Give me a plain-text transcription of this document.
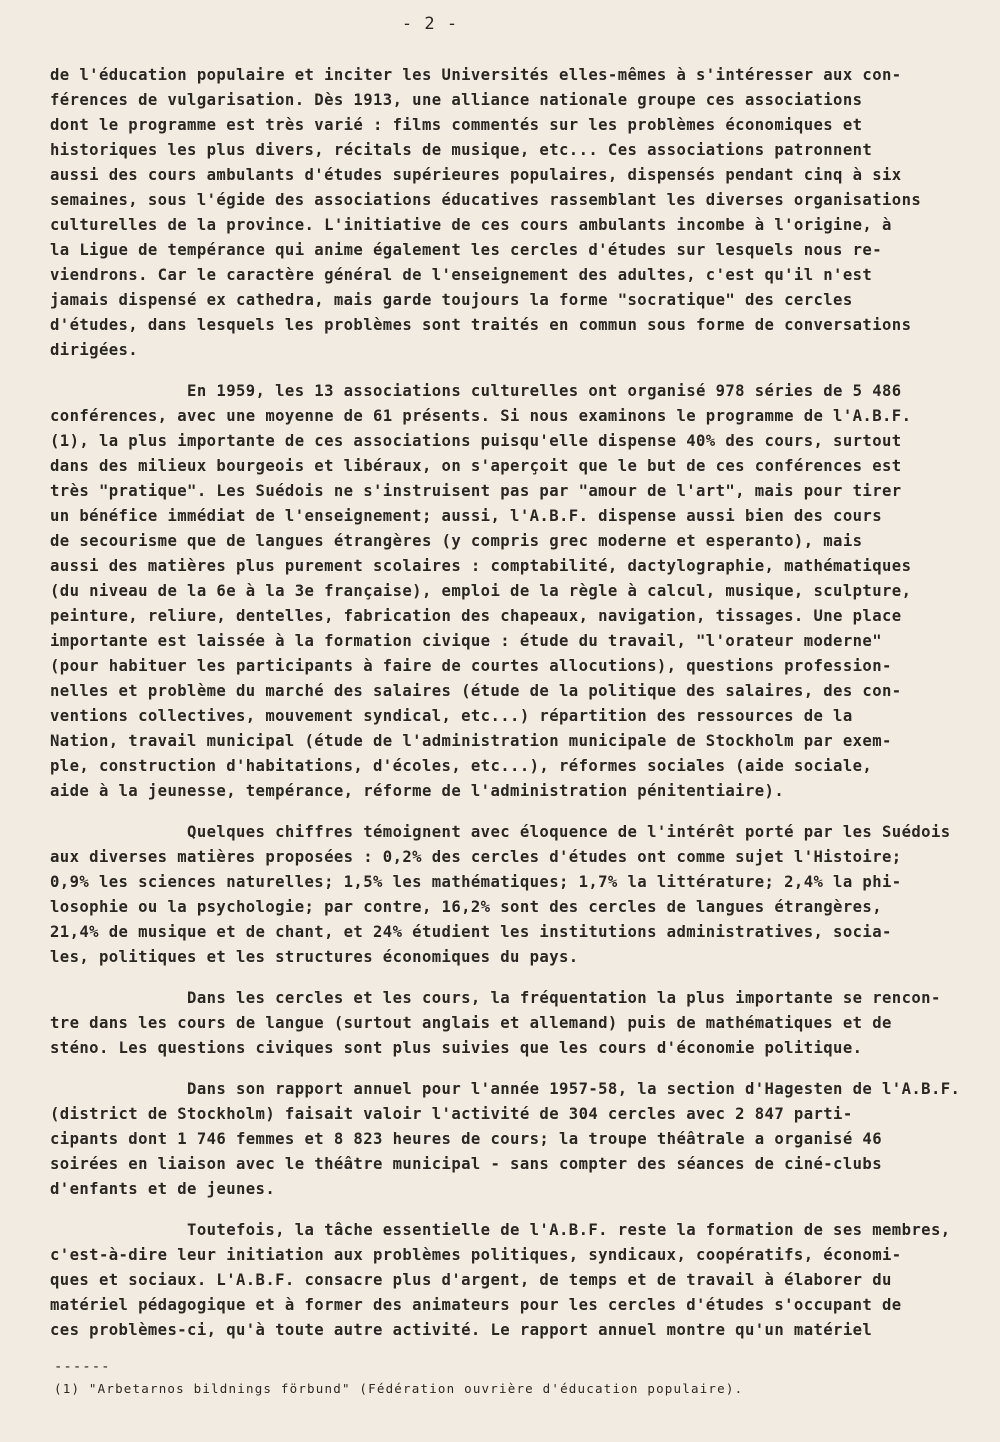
- 2 -
de l'éducation populaire et inciter les Universités elles-mêmes à s'intéresser aux con-
férences de vulgarisation. Dès 1913, une alliance nationale groupe ces associations
dont le programme est très varié : films commentés sur les problèmes économiques et
historiques les plus divers, récitals de musique, etc... Ces associations patronnent
aussi des cours ambulants d'études supérieures populaires, dispensés pendant cinq à six
semaines, sous l'égide des associations éducatives rassemblant les diverses organisations
culturelles de la province. L'initiative de ces cours ambulants incombe à l'origine, à
la Ligue de tempérance qui anime également les cercles d'études sur lesquels nous re-
viendrons. Car le caractère général de l'enseignement des adultes, c'est qu'il n'est
jamais dispensé ex cathedra, mais garde toujours la forme "socratique" des cercles
d'études, dans lesquels les problèmes sont traités en commun sous forme de conversations
dirigées.
En 1959, les 13 associations culturelles ont organisé 978 séries de 5 486
conférences, avec une moyenne de 61 présents. Si nous examinons le programme de l'A.B.F.
(1), la plus importante de ces associations puisqu'elle dispense 40% des cours, surtout
dans des milieux bourgeois et libéraux, on s'aperçoit que le but de ces conférences est
très "pratique". Les Suédois ne s'instruisent pas par "amour de l'art", mais pour tirer
un bénéfice immédiat de l'enseignement; aussi, l'A.B.F. dispense aussi bien des cours
de secourisme que de langues étrangères (y compris grec moderne et esperanto), mais
aussi des matières plus purement scolaires : comptabilité, dactylographie, mathématiques
(du niveau de la 6e à la 3e française), emploi de la règle à calcul, musique, sculpture,
peinture, reliure, dentelles, fabrication des chapeaux, navigation, tissages. Une place
importante est laissée à la formation civique : étude du travail, "l'orateur moderne"
(pour habituer les participants à faire de courtes allocutions), questions profession-
nelles et problème du marché des salaires (étude de la politique des salaires, des con-
ventions collectives, mouvement syndical, etc...) répartition des ressources de la
Nation, travail municipal (étude de l'administration municipale de Stockholm par exem-
ple, construction d'habitations, d'écoles, etc...), réformes sociales (aide sociale,
aide à la jeunesse, tempérance, réforme de l'administration pénitentiaire).
Quelques chiffres témoignent avec éloquence de l'intérêt porté par les Suédois
aux diverses matières proposées : 0,2% des cercles d'études ont comme sujet l'Histoire;
0,9% les sciences naturelles; 1,5% les mathématiques; 1,7% la littérature; 2,4% la phi-
losophie ou la psychologie; par contre, 16,2% sont des cercles de langues étrangères,
21,4% de musique et de chant, et 24% étudient les institutions administratives, socia-
les, politiques et les structures économiques du pays.
Dans les cercles et les cours, la fréquentation la plus importante se rencon-
tre dans les cours de langue (surtout anglais et allemand) puis de mathématiques et de
sténo. Les questions civiques sont plus suivies que les cours d'économie politique.
Dans son rapport annuel pour l'année 1957-58, la section d'Hagesten de l'A.B.F.
(district de Stockholm) faisait valoir l'activité de 304 cercles avec 2 847 parti-
cipants dont 1 746 femmes et 8 823 heures de cours; la troupe théâtrale a organisé 46
soirées en liaison avec le théâtre municipal - sans compter des séances de ciné-clubs
d'enfants et de jeunes.
Toutefois, la tâche essentielle de l'A.B.F. reste la formation de ses membres,
c'est-à-dire leur initiation aux problèmes politiques, syndicaux, coopératifs, économi-
ques et sociaux. L'A.B.F. consacre plus d'argent, de temps et de travail à élaborer du
matériel pédagogique et à former des animateurs pour les cercles d'études s'occupant de
ces problèmes-ci, qu'à toute autre activité. Le rapport annuel montre qu'un matériel
------
(1) "Arbetarnos bildnings förbund" (Fédération ouvrière d'éducation populaire).
